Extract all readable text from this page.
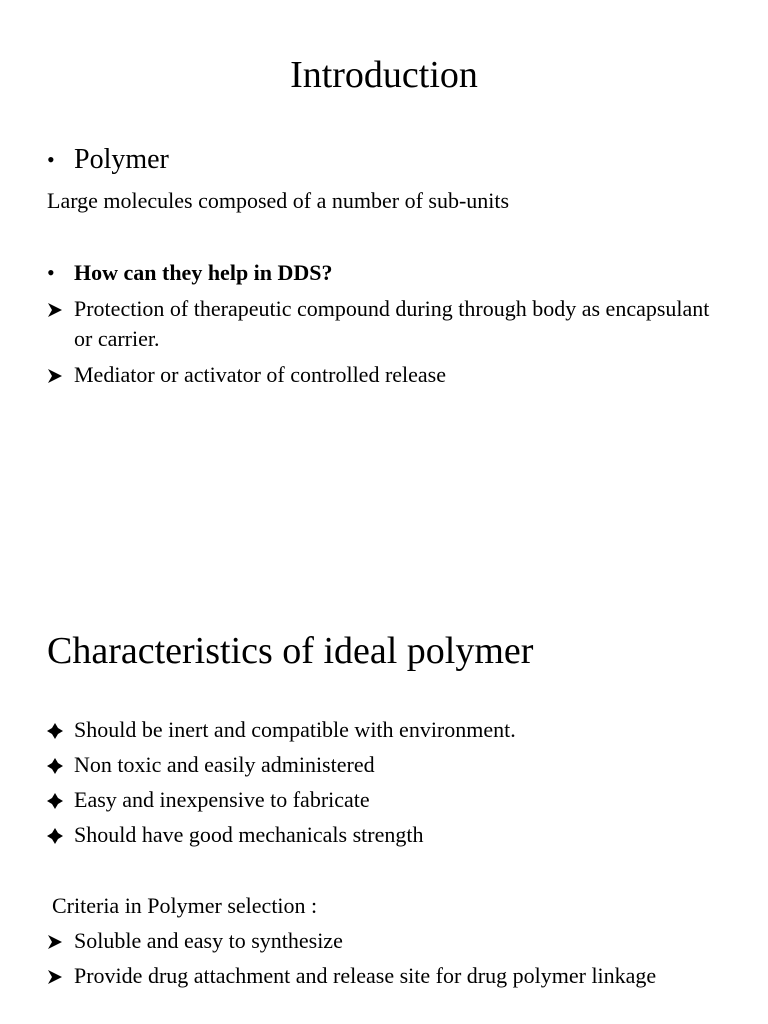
Introduction
• Polymer
Large molecules composed of a number of sub-units
• How can they help in DDS?
Protection of therapeutic compound during through body as encapsulant or carrier.
Mediator or activator of controlled release
Characteristics of ideal polymer
Should be inert and compatible with environment.
Non toxic and easily administered
Easy and inexpensive to fabricate
Should have good mechanicals strength
Criteria in Polymer selection :
Soluble and easy to synthesize
Provide drug attachment and release site for drug polymer linkage
